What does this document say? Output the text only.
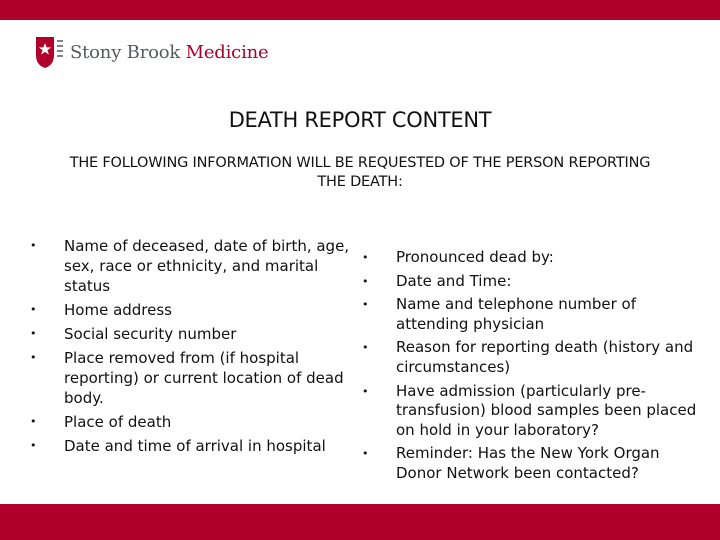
Stony Brook Medicine
DEATH REPORT CONTENT
THE FOLLOWING INFORMATION WILL BE REQUESTED OF THE PERSON REPORTING THE DEATH:
• Name of deceased, date of birth, age, sex, race or ethnicity, and marital status
• Home address
• Social security number
• Place removed from (if hospital reporting) or current location of dead body.
• Place of death
• Date and time of arrival in hospital
• Pronounced dead by:
• Date and Time:
• Name and telephone number of attending physician
• Reason for reporting death (history and circumstances)
• Have admission (particularly pre-transfusion) blood samples been placed on hold in your laboratory?
• Reminder: Has the New York Organ Donor Network been contacted?
